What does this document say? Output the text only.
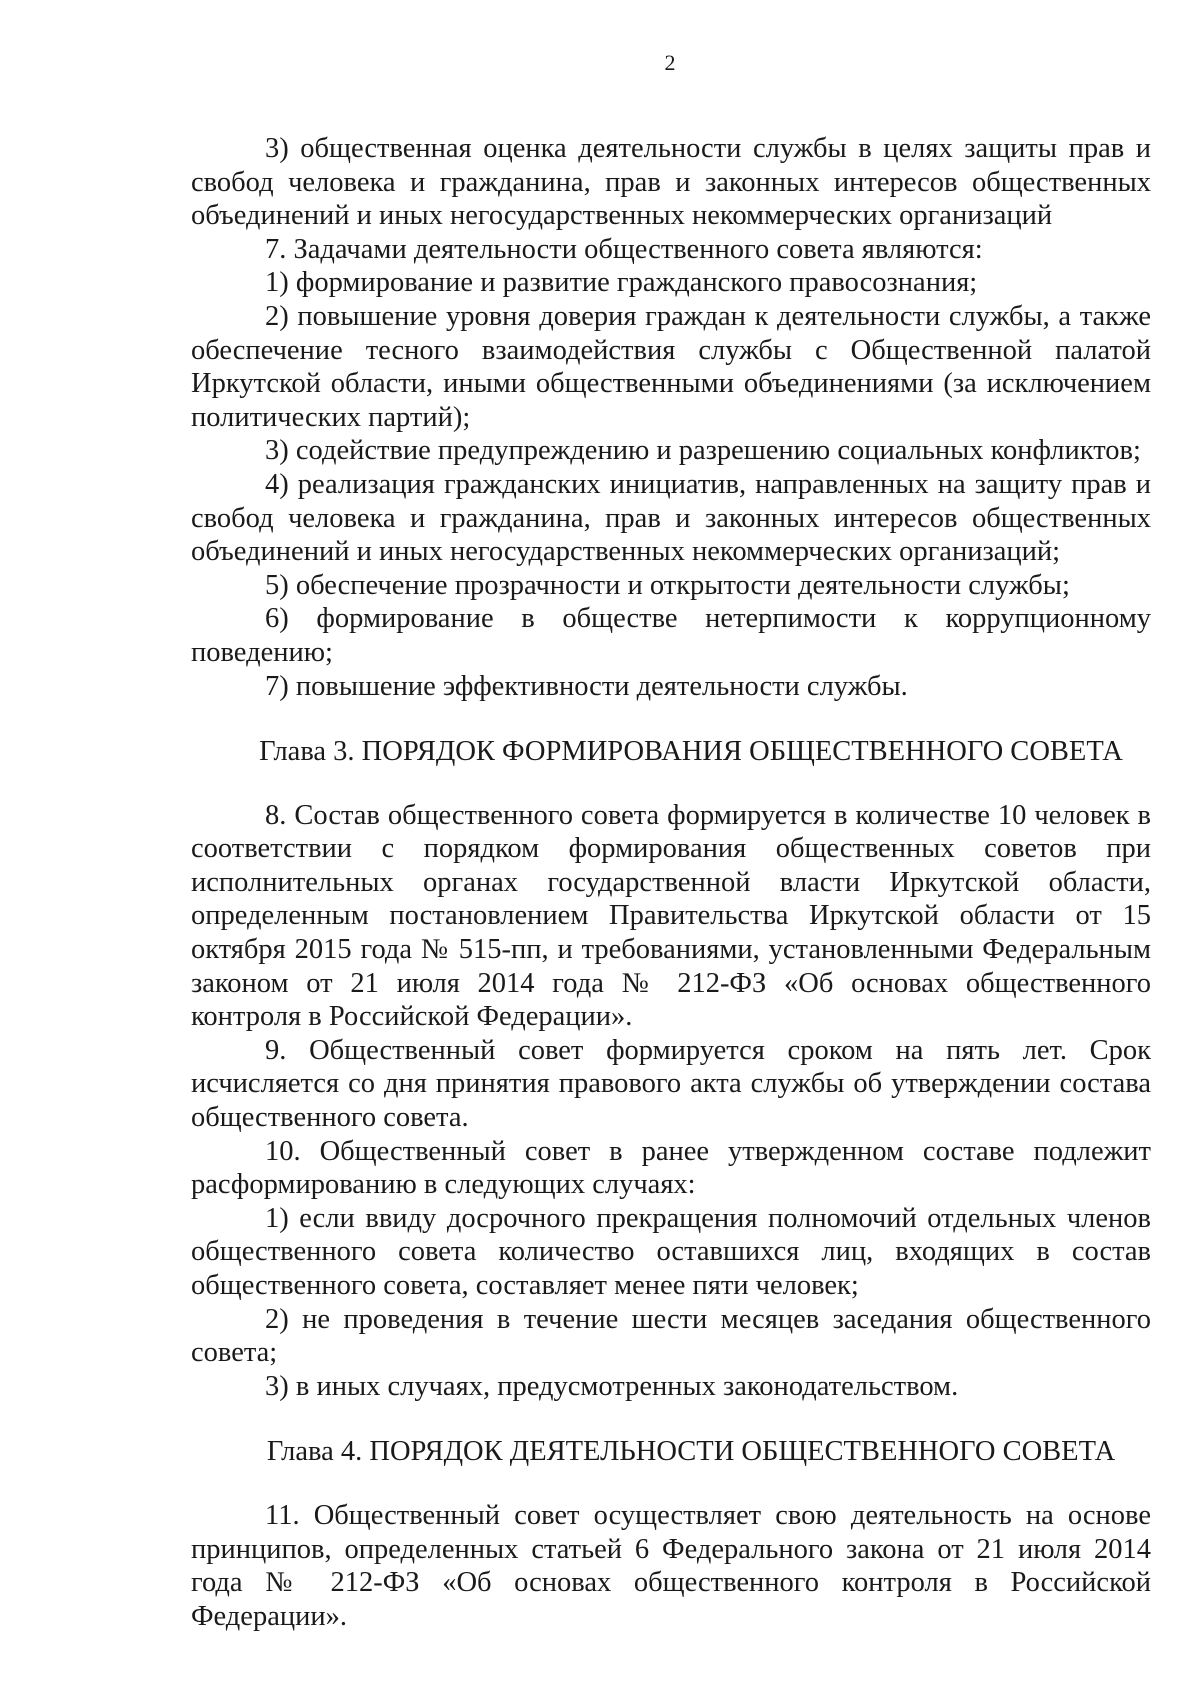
2

3) общественная оценка деятельности службы в целях защиты прав и свобод человека и гражданина, прав и законных интересов общественных объединений и иных негосударственных некоммерческих организаций

7. Задачами деятельности общественного совета являются:

1) формирование и развитие гражданского правосознания;

2) повышение уровня доверия граждан к деятельности службы, а также обеспечение тесного взаимодействия службы с Общественной палатой Иркутской области, иными общественными объединениями (за исключением политических партий);

3) содействие предупреждению и разрешению социальных конфликтов;

4) реализация гражданских инициатив, направленных на защиту прав и свобод человека и гражданина, прав и законных интересов общественных объединений и иных негосударственных некоммерческих организаций;

5) обеспечение прозрачности и открытости деятельности службы;

6) формирование в обществе нетерпимости к коррупционному поведению;

7) повышение эффективности деятельности службы.

Глава 3. ПОРЯДОК ФОРМИРОВАНИЯ ОБЩЕСТВЕННОГО СОВЕТА

8. Состав общественного совета формируется в количестве 10 человек в соответствии с порядком формирования общественных советов при исполнительных органах государственной власти Иркутской области, определенным постановлением Правительства Иркутской области от 15 октября 2015 года № 515-пп, и требованиями, установленными Федеральным законом от 21 июля 2014 года № 212-ФЗ «Об основах общественного контроля в Российской Федерации».

9. Общественный совет формируется сроком на пять лет. Срок исчисляется со дня принятия правового акта службы об утверждении состава общественного совета.

10. Общественный совет в ранее утвержденном составе подлежит расформированию в следующих случаях:

1) если ввиду досрочного прекращения полномочий отдельных членов общественного совета количество оставшихся лиц, входящих в состав общественного совета, составляет менее пяти человек;

2) не проведения в течение шести месяцев заседания общественного совета;

3) в иных случаях, предусмотренных законодательством.

Глава 4. ПОРЯДОК ДЕЯТЕЛЬНОСТИ ОБЩЕСТВЕННОГО СОВЕТА

11. Общественный совет осуществляет свою деятельность на основе принципов, определенных статьей 6 Федерального закона от 21 июля 2014 года № 212-ФЗ «Об основах общественного контроля в Российской Федерации».
